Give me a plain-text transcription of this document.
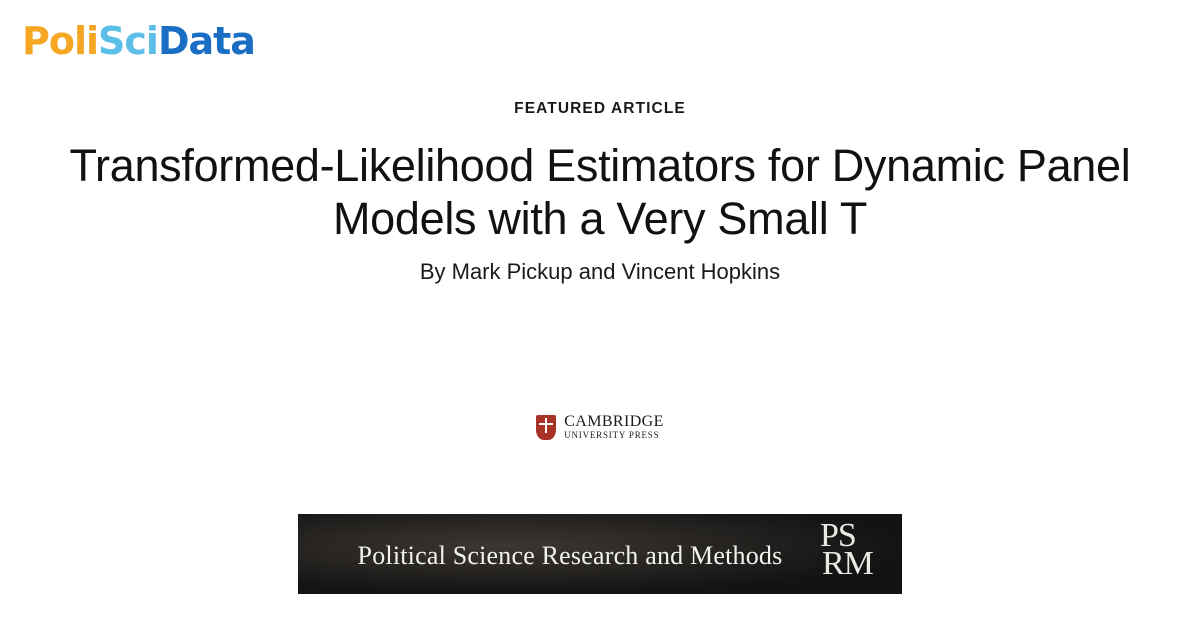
PoliSciData
FEATURED ARTICLE
Transformed-Likelihood Estimators for Dynamic Panel Models with a Very Small T
By Mark Pickup and Vincent Hopkins
CAMBRIDGE
UNIVERSITY PRESS
Political Science Research and Methods
PS
RM
